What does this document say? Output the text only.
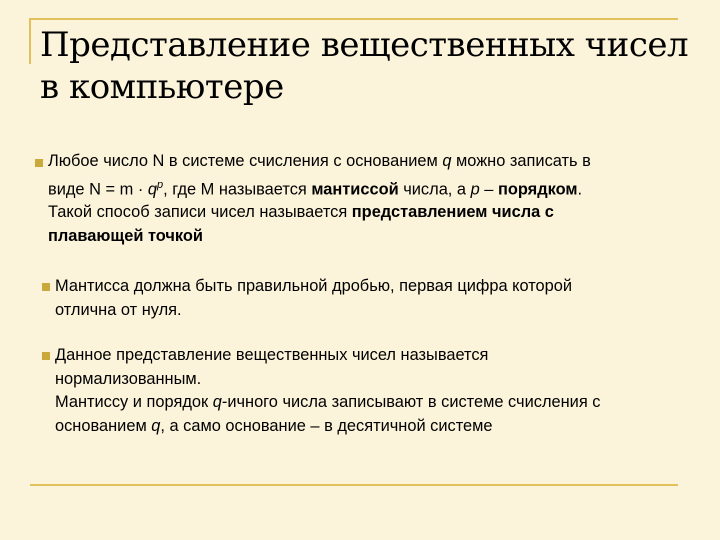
Представление вещественных чисел
в компьютере

Любое число N в системе счисления с основанием q можно записать в
виде $N = m \cdot q^p$, где М называется мантиссой числа, а p – порядком.
Такой способ записи чисел называется представлением числа с
плавающей точкой

Мантисса должна быть правильной дробью, первая цифра которой
отлична от нуля.

Данное представление вещественных чисел называется
нормализованным.
Мантиссу и порядок q-ичного числа записывают в системе счисления с
основанием q, а само основание – в десятичной системе
